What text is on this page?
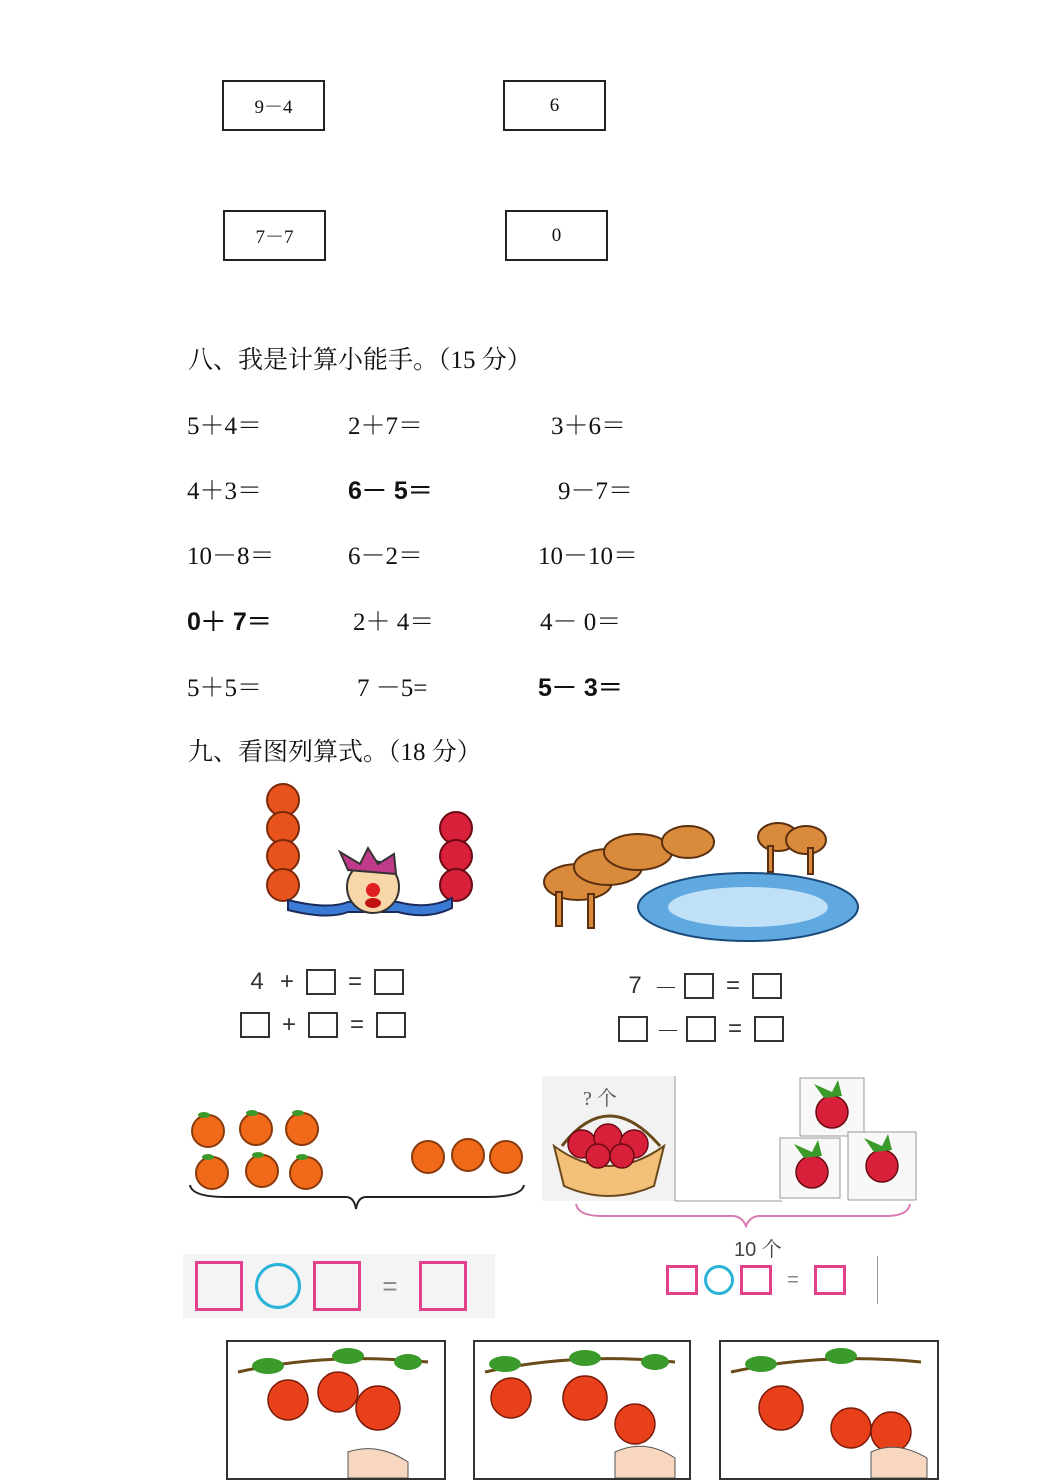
9－4	6
7－7	0
八、我是计算小能手。（15 分）
5＋4＝	2＋7＝	3＋6＝
4＋3＝	6－ 5＝	9－7＝
10－8＝	6－2＝	10－10＝
0＋ 7＝	2＋ 4＝	4－ 0＝
5＋5＝	7 －5=	5－ 3＝
九、看图列算式。（18 分）
4 + =
+ =
7 － =
－ =
=
? 个
10 个
=
